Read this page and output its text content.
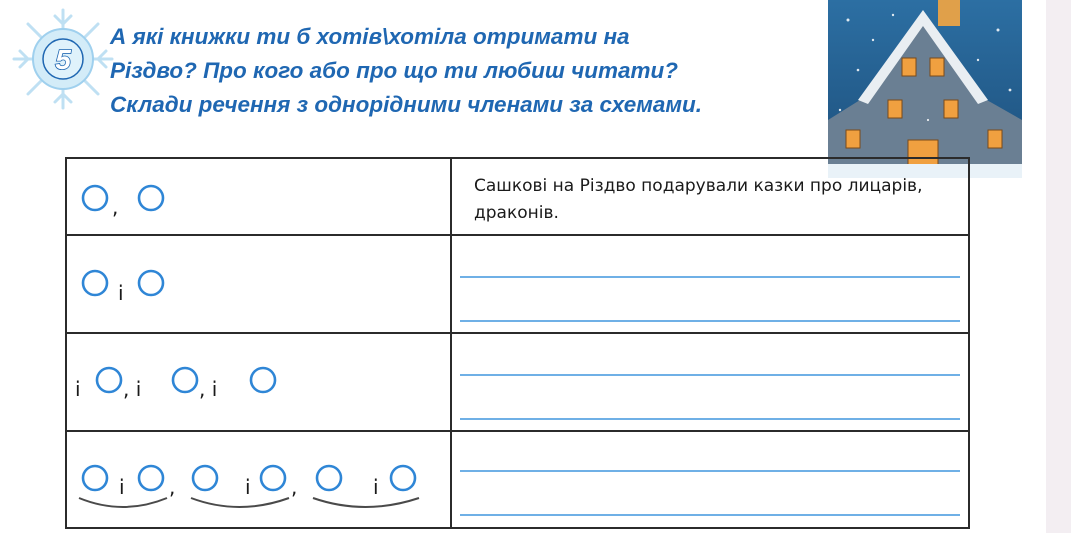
5
А які книжки ти б хотів\хотіла отримати на
Різдво? Про кого або про що ти любиш читати?
Склади речення з однорідними членами за схемами.
,	Сашкові на Різдво подарували казки про лицарів, драконів.

і	

і , і , і	

і , і , і	
